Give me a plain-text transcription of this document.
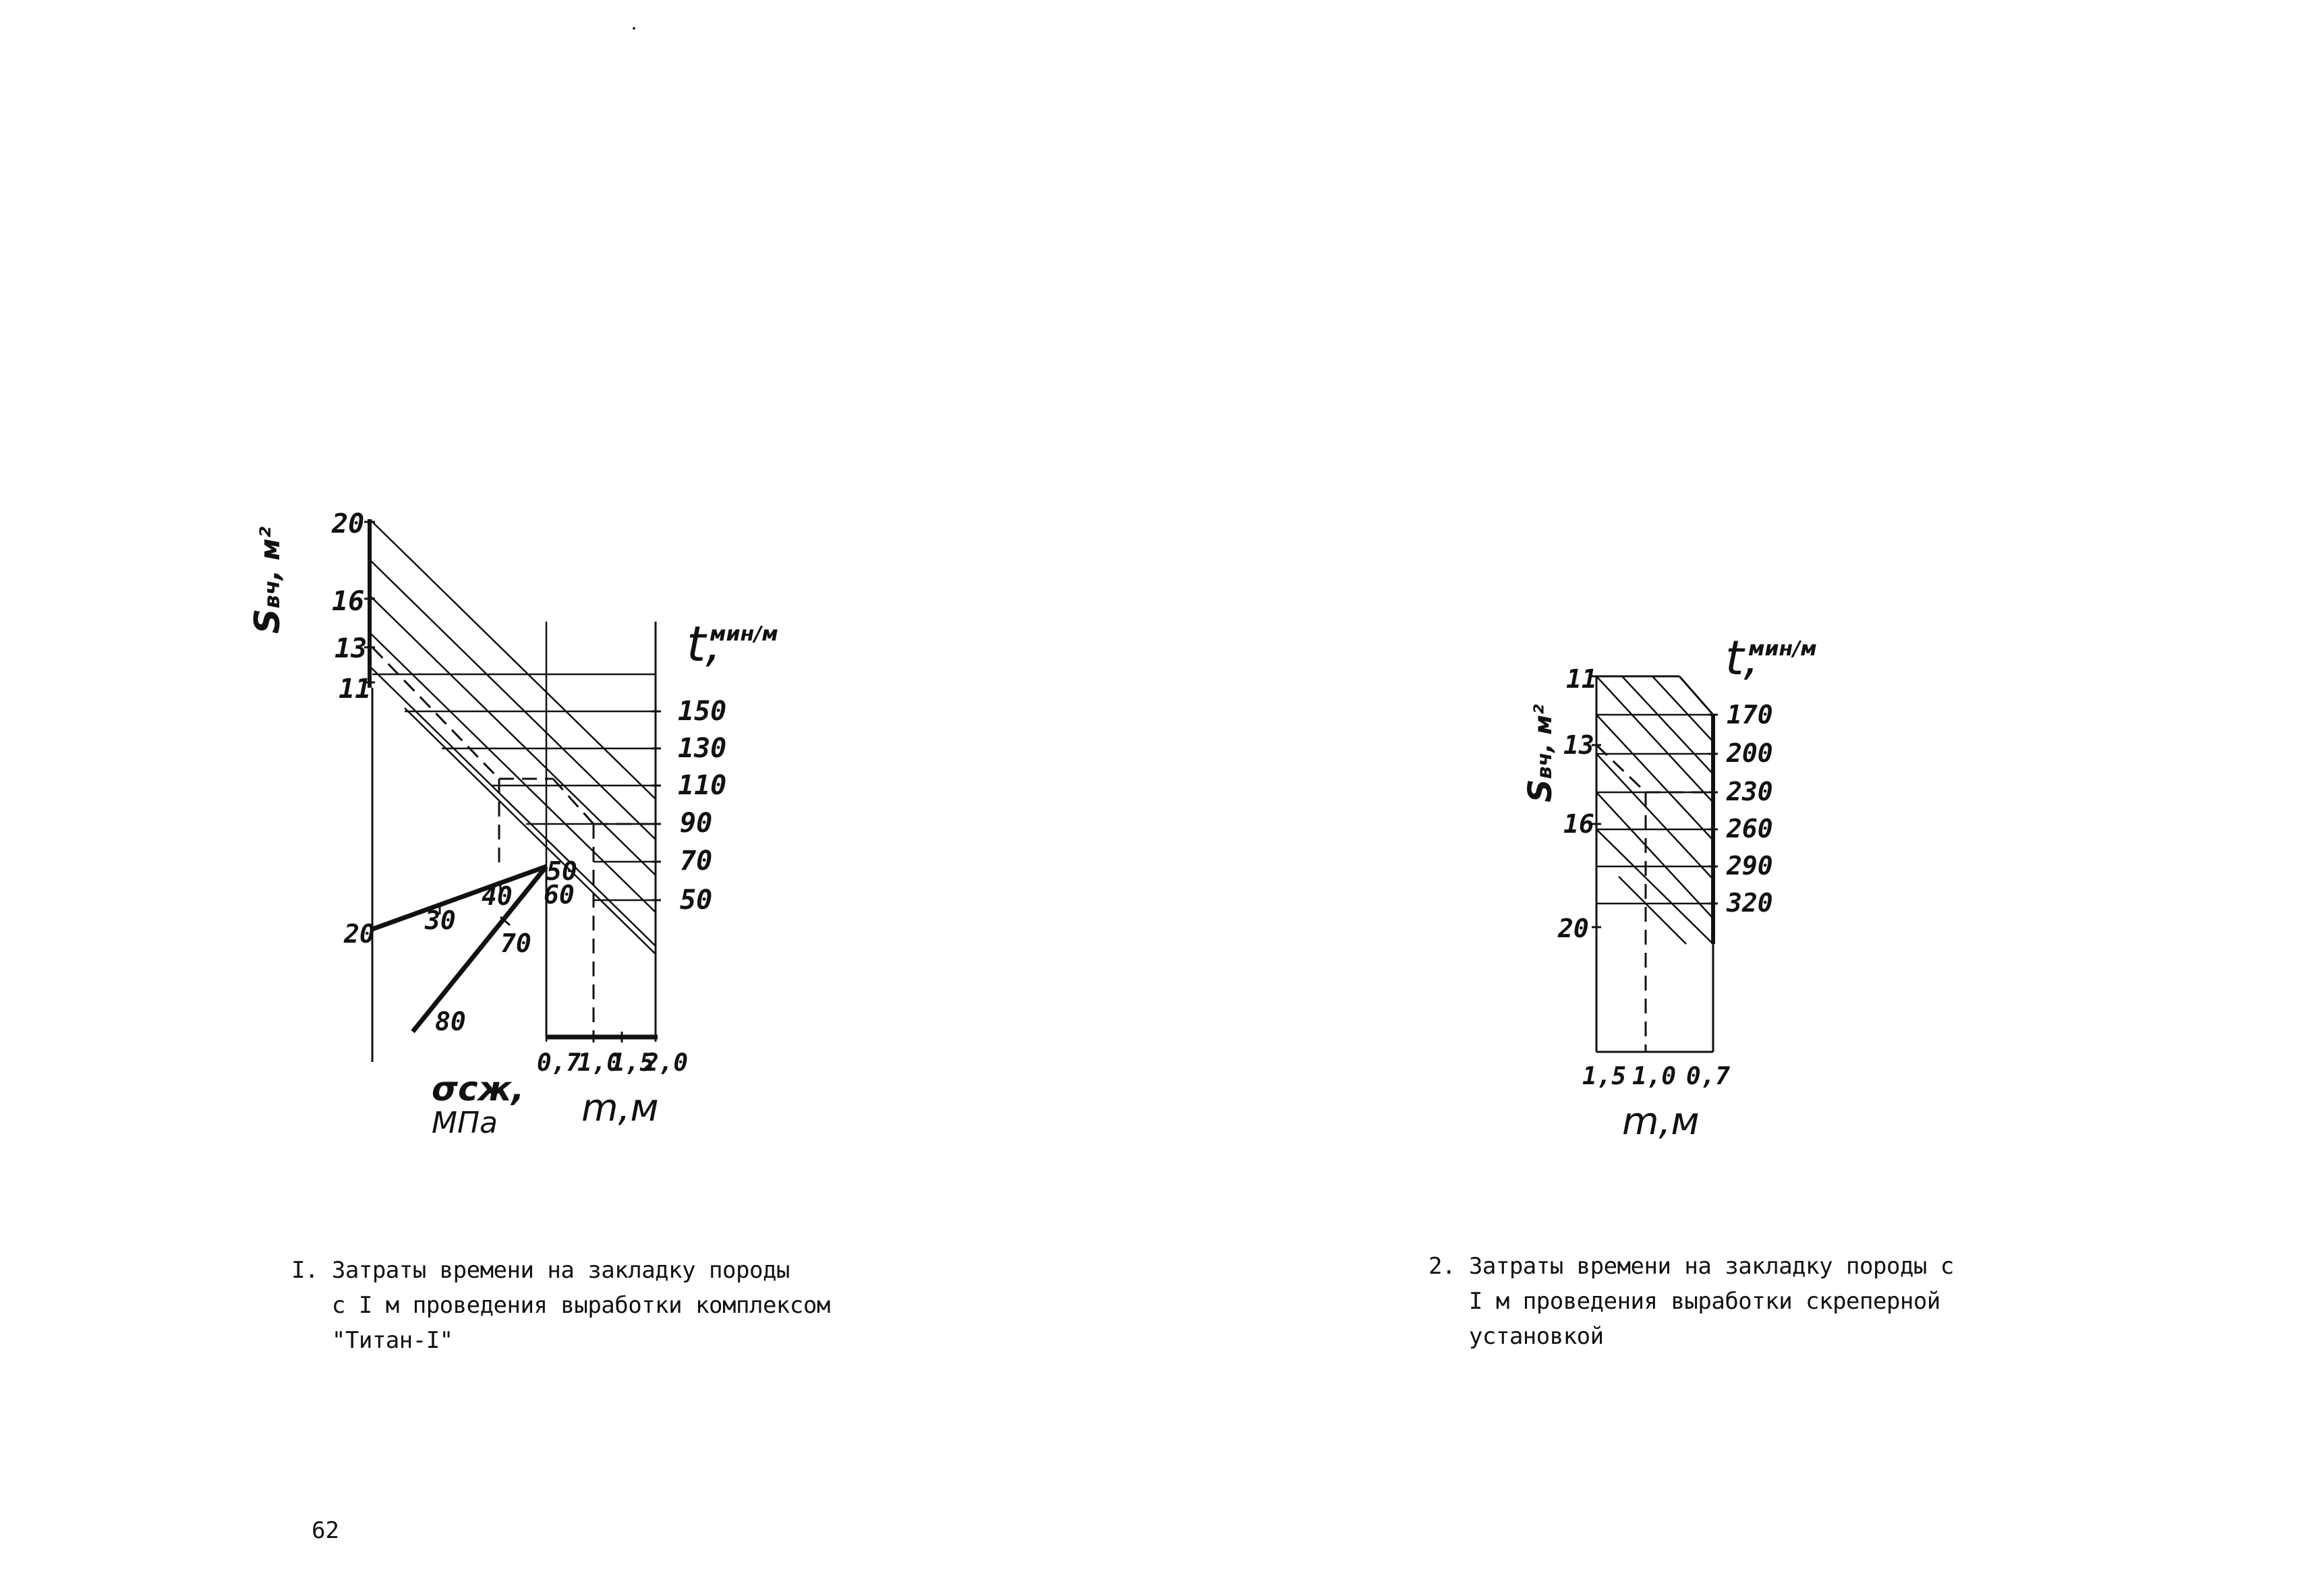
Sвч, м²
20
16
13
11
t,
мин/м
150
130
110
90
70
50
20 30
40
50
60
70
80
σсж,
МПа
0,7
1,0
1,5
2,0
m,м
Sвч, м²
11
13
16
20
t,
мин/м
170
200
230
260
290
320
1,5 1,0 0,7
m,м
I. Затраты времени на закладку породы
с I м проведения выработки комплексом
"Титан-I"
2. Затраты времени на закладку породы с
I м проведения выработки скреперной
установкой
62
